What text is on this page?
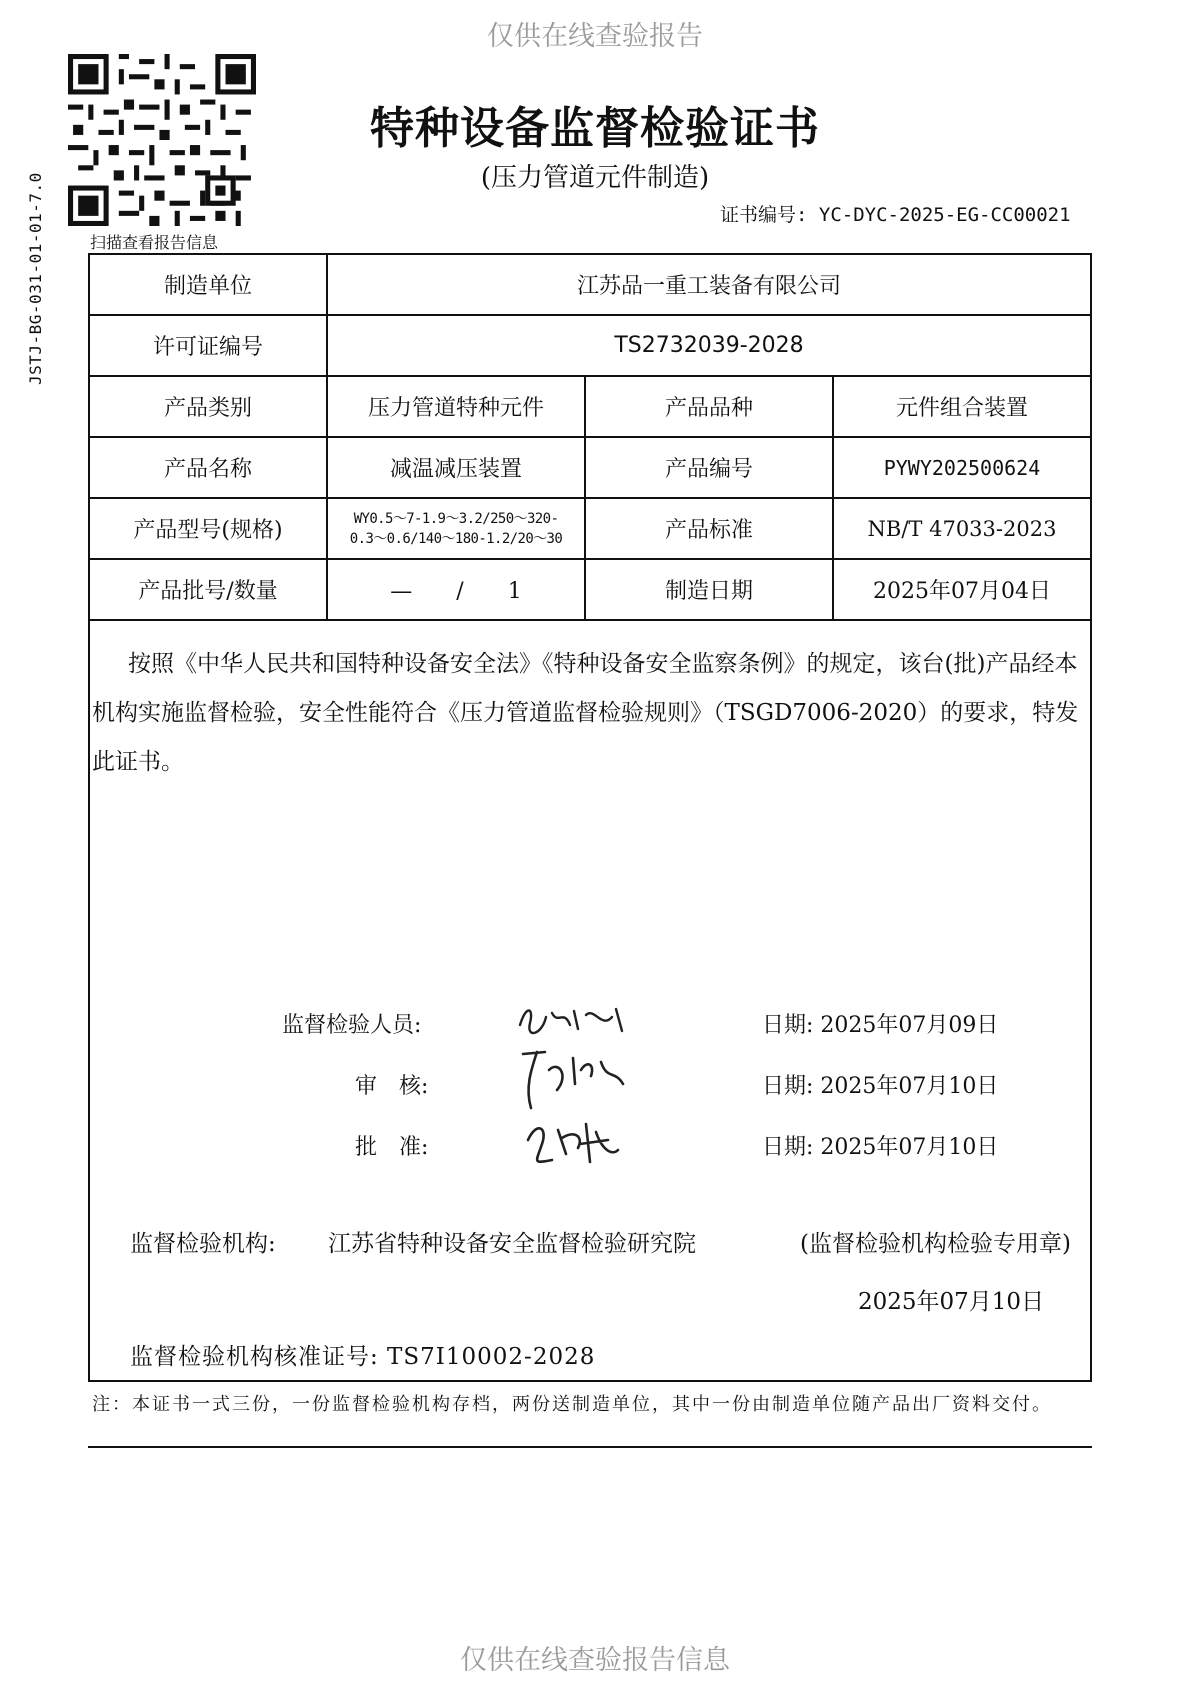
仅供在线查验报告
JSTJ-BG-031-01-01-7.0	扫描查看报告信息
特种设备监督检验证书
(压力管道元件制造)
证书编号: YC-DYC-2025-EG-CC00021
制造单位	江苏品一重工装备有限公司
许可证编号	TS2732039-2028
产品类别	压力管道特种元件	产品品种	元件组合装置
产品名称	减温减压装置	产品编号	PYWY202500624
产品型号(规格)	WY0.5～7-1.9～3.2/250～320-
0.3～0.6/140～180-1.2/20～30	产品标准	NB/T 47033-2023
产品批号/数量	—　　/　　1	制造日期	2025年07月04日
按照《中华人民共和国特种设备安全法》《特种设备安全监察条例》的规定，该台(批)产品经本机构实施监督检验，安全性能符合《压力管道监督检验规则》（TSGD7006-2020）的要求，特发此证书。
监督检验人员:	日期: 2025年07月09日
审　核:	日期: 2025年07月10日
批　准:	日期: 2025年07月10日
监督检验机构: 江苏省特种设备安全监督检验研究院	(监督检验机构检验专用章)
2025年07月10日
监督检验机构核准证号: TS7I10002-2028
注：本证书一式三份，一份监督检验机构存档，两份送制造单位，其中一份由制造单位随产品出厂资料交付。
仅供在线查验报告信息
